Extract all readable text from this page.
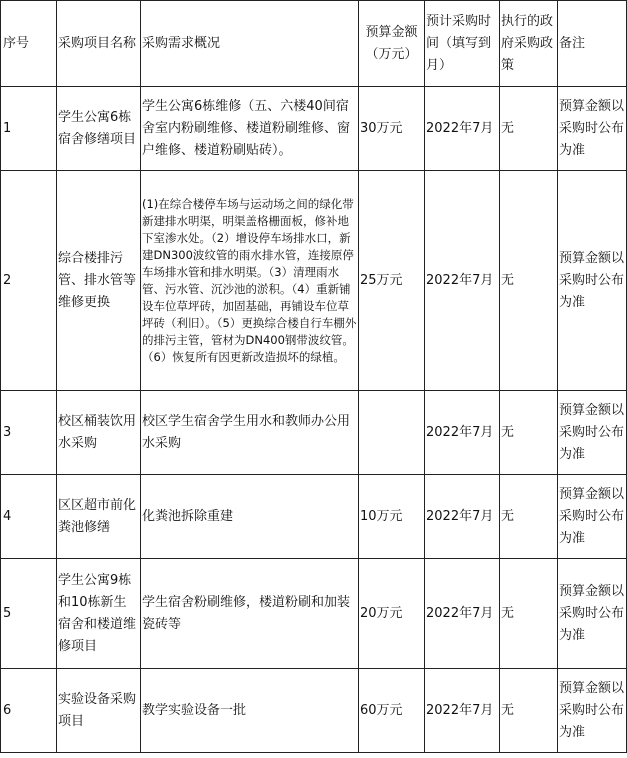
序号	采购项目名称	采购需求概况	预算金额（万元）	预计采购时间（填写到月）	执行的政府采购政策	备注
1	学生公寓6栋宿舍修缮项目	学生公寓6栋维修（五、六楼40间宿舍室内粉刷维修、楼道粉刷维修、窗户维修、楼道粉刷贴砖）。	30万元	2022年7月	无	预算金额以采购时公布为准
2	综合楼排污管、排水管等维修更换	(1)在综合楼停车场与运动场之间的绿化带新建排水明渠，明渠盖格栅面板，修补地下室渗水处。（2）增设停车场排水口，新建DN300波纹管的雨水排水管，连接原停车场排水管和排水明渠。（3）清理雨水管、污水管、沉沙池的淤积。（4）重新铺设车位草坪砖，加固基础，再铺设车位草坪砖（利旧）。（5）更换综合楼自行车棚外的排污主管，管材为DN400钢带波纹管。（6）恢复所有因更新改造损坏的绿植。	25万元	2022年7月	无	预算金额以采购时公布为准
3	校区桶装饮用水采购	校区学生宿舍学生用水和教师办公用水采购		2022年7月	无	预算金额以采购时公布为准
4	区区超市前化粪池修缮	化粪池拆除重建	10万元	2022年7月	无	预算金额以采购时公布为准
5	学生公寓9栋和10栋新生宿舍和楼道维修项目	学生宿舍粉刷维修，楼道粉刷和加装瓷砖等	20万元	2022年7月	无	预算金额以采购时公布为准
6	实验设备采购项目	教学实验设备一批	60万元	2022年7月	无	预算金额以采购时公布为准
